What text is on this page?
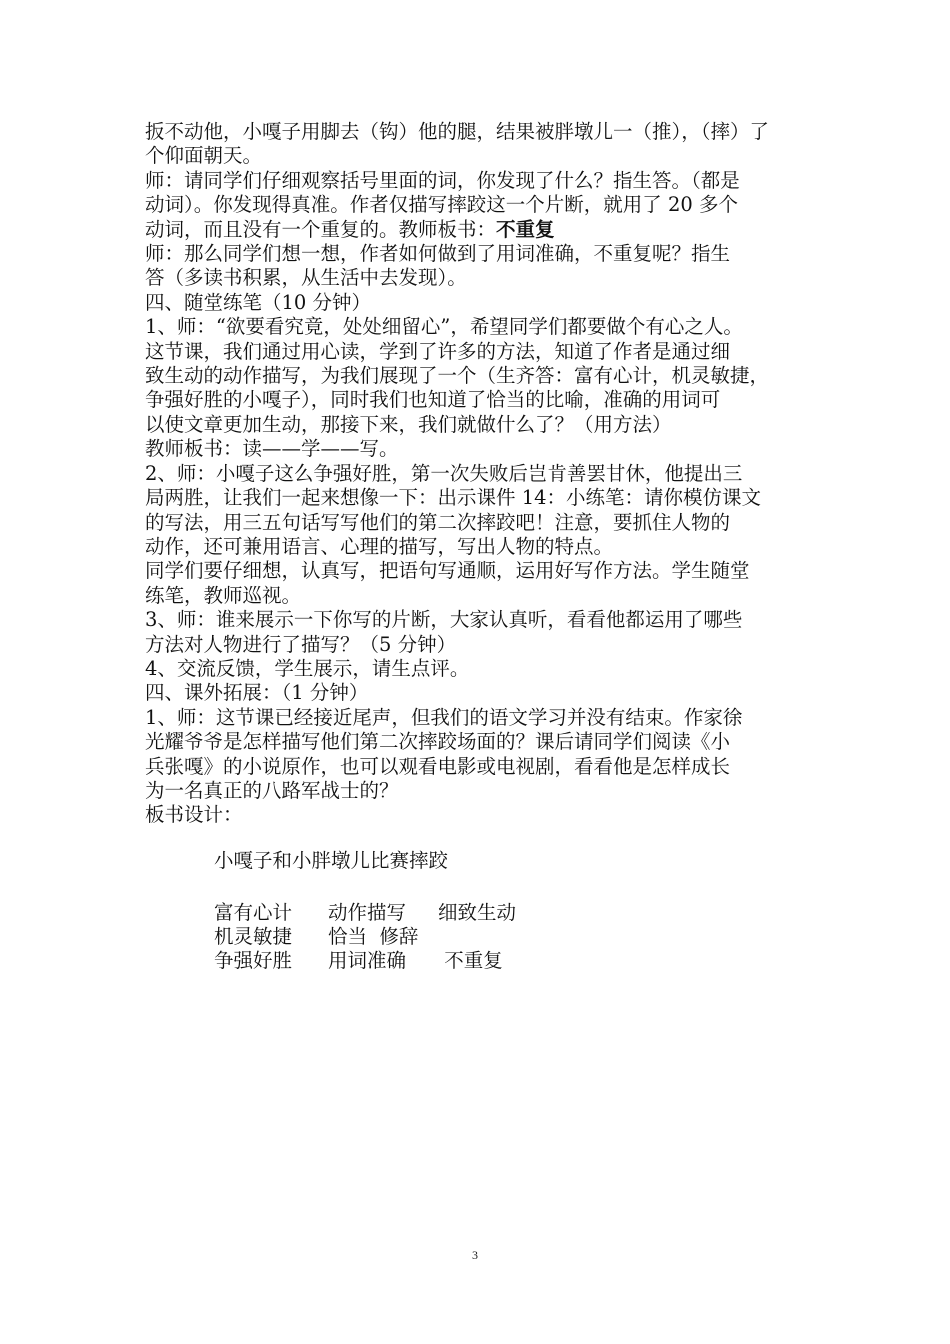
扳不动他，小嘎子用脚去（钩）他的腿，结果被胖墩儿一（推），（摔）了

个仰面朝天。

师：请同学们仔细观察括号里面的词，你发现了什么？指生答。（都是

动词）。你发现得真准。作者仅描写摔跤这一个片断，就用了 20 多个

动词，而且没有一个重复的。教师板书：不重复

师：那么同学们想一想，作者如何做到了用词准确，不重复呢？指生

答（多读书积累，从生活中去发现）。

四、随堂练笔（10 分钟）

1、师：“欲要看究竟，处处细留心”，希望同学们都要做个有心之人。

这节课，我们通过用心读，学到了许多的方法，知道了作者是通过细

致生动的动作描写，为我们展现了一个（生齐答：富有心计，机灵敏捷，

争强好胜的小嘎子），同时我们也知道了恰当的比喻，准确的用词可

以使文章更加生动，那接下来，我们就做什么了？（用方法）

教师板书：读——学——写。

2、师：小嘎子这么争强好胜，第一次失败后岂肯善罢甘休，他提出三

局两胜，让我们一起来想像一下：出示课件 14：小练笔：请你模仿课文

的写法，用三五句话写写他们的第二次摔跤吧！注意，要抓住人物的

动作，还可兼用语言、心理的描写，写出人物的特点。

同学们要仔细想，认真写，把语句写通顺，运用好写作方法。学生随堂

练笔，教师巡视。

3、师：谁来展示一下你写的片断，大家认真听，看看他都运用了哪些

方法对人物进行了描写？（5 分钟）

4、交流反馈，学生展示，请生点评。

四、课外拓展：（1 分钟）

1、师：这节课已经接近尾声，但我们的语文学习并没有结束。作家徐

光耀爷爷是怎样描写他们第二次摔跤场面的？课后请同学们阅读《小

兵张嘎》的小说原作，也可以观看电影或电视剧，看看他是怎样成长

为一名真正的八路军战士的？

板书设计：

小嘎子和小胖墩儿比赛摔跤
富有心计 动作描写 细致生动
机灵敏捷 恰当  修辞
争强好胜 用词准确 不重复
3
